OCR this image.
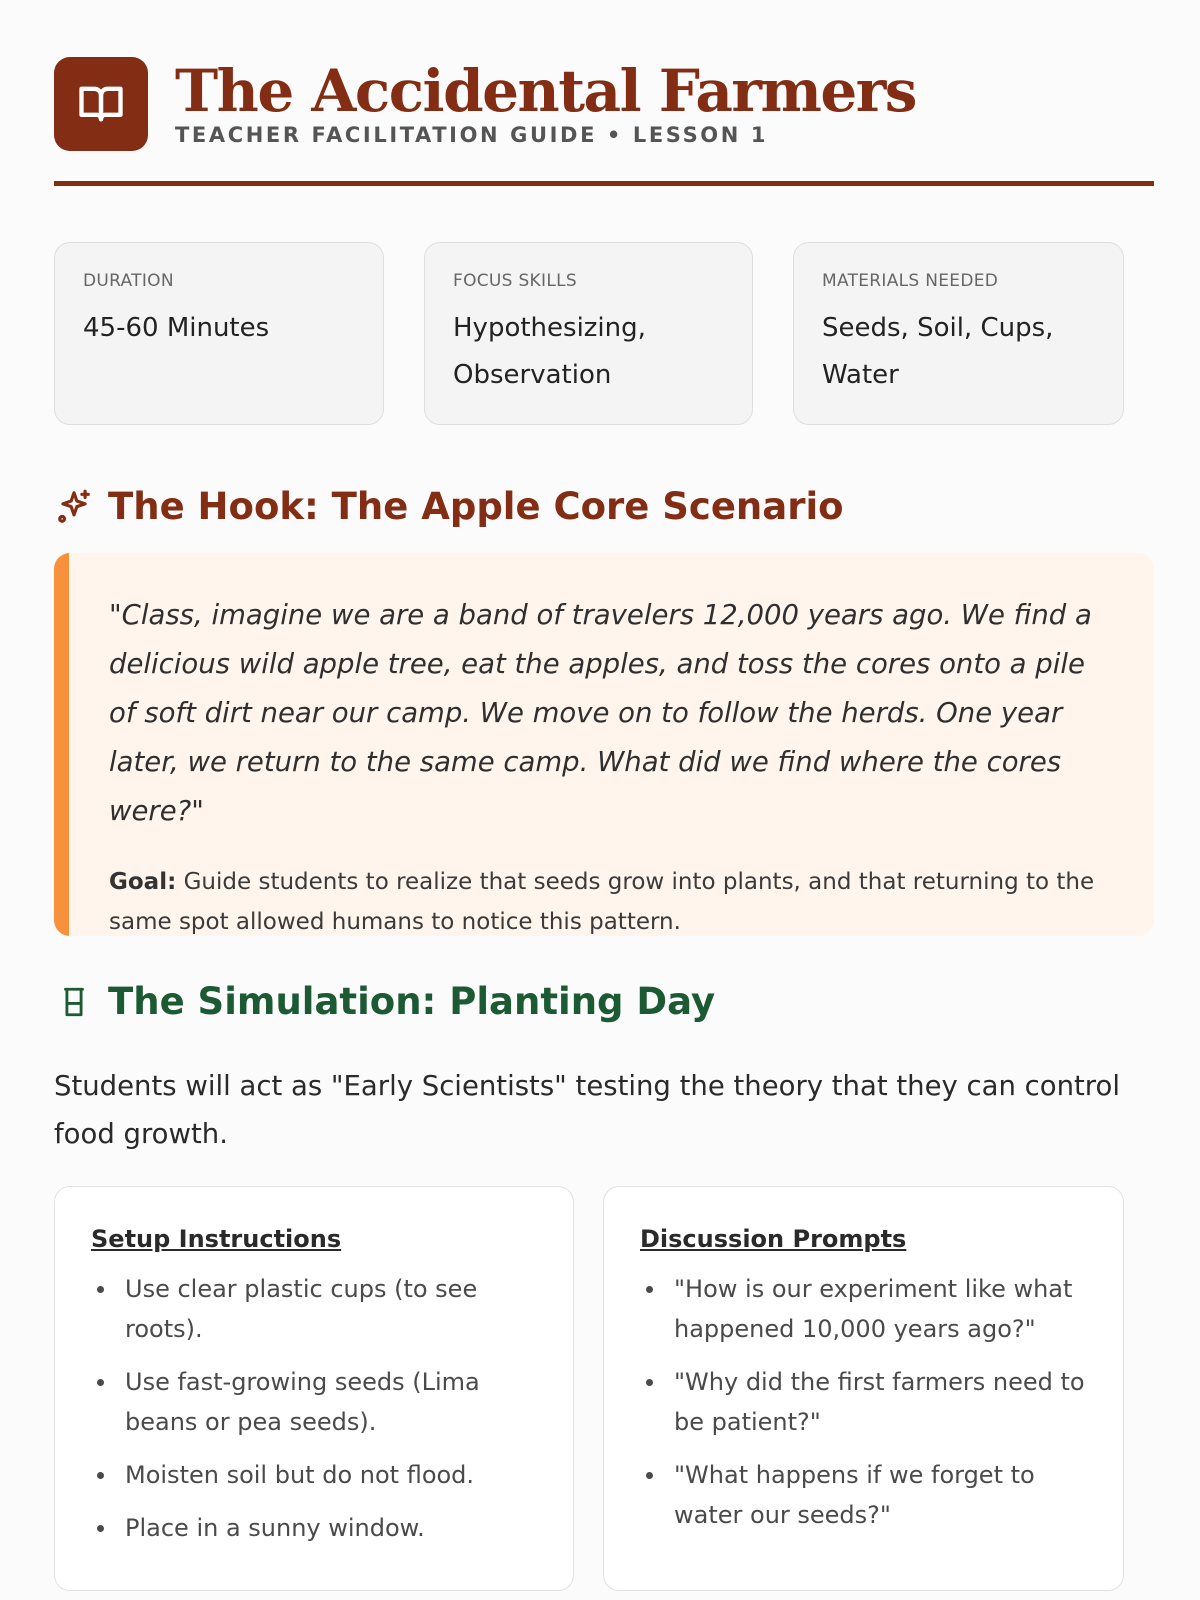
The Accidental Farmers
TEACHER FACILITATION GUIDE • LESSON 1
DURATION
45-60 Minutes
FOCUS SKILLS
Hypothesizing, Observation
MATERIALS NEEDED
Seeds, Soil, Cups, Water
The Hook: The Apple Core Scenario

"Class, imagine we are a band of travelers 12,000 years ago. We find a delicious wild apple tree, eat the apples, and toss the cores onto a pile of soft dirt near our camp. We move on to follow the herds. One year later, we return to the same camp. What did we find where the cores were?"

Goal: Guide students to realize that seeds grow into plants, and that returning to the same spot allowed humans to notice this pattern.

The Simulation: Planting Day

Students will act as "Early Scientists" testing the theory that they can control food growth.

Setup Instructions
Use clear plastic cups (to see roots).
Use fast-growing seeds (Lima beans or pea seeds).
Moisten soil but do not flood.
Place in a sunny window.
Discussion Prompts
"How is our experiment like what happened 10,000 years ago?"
"Why did the first farmers need to be patient?"
"What happens if we forget to water our seeds?"
